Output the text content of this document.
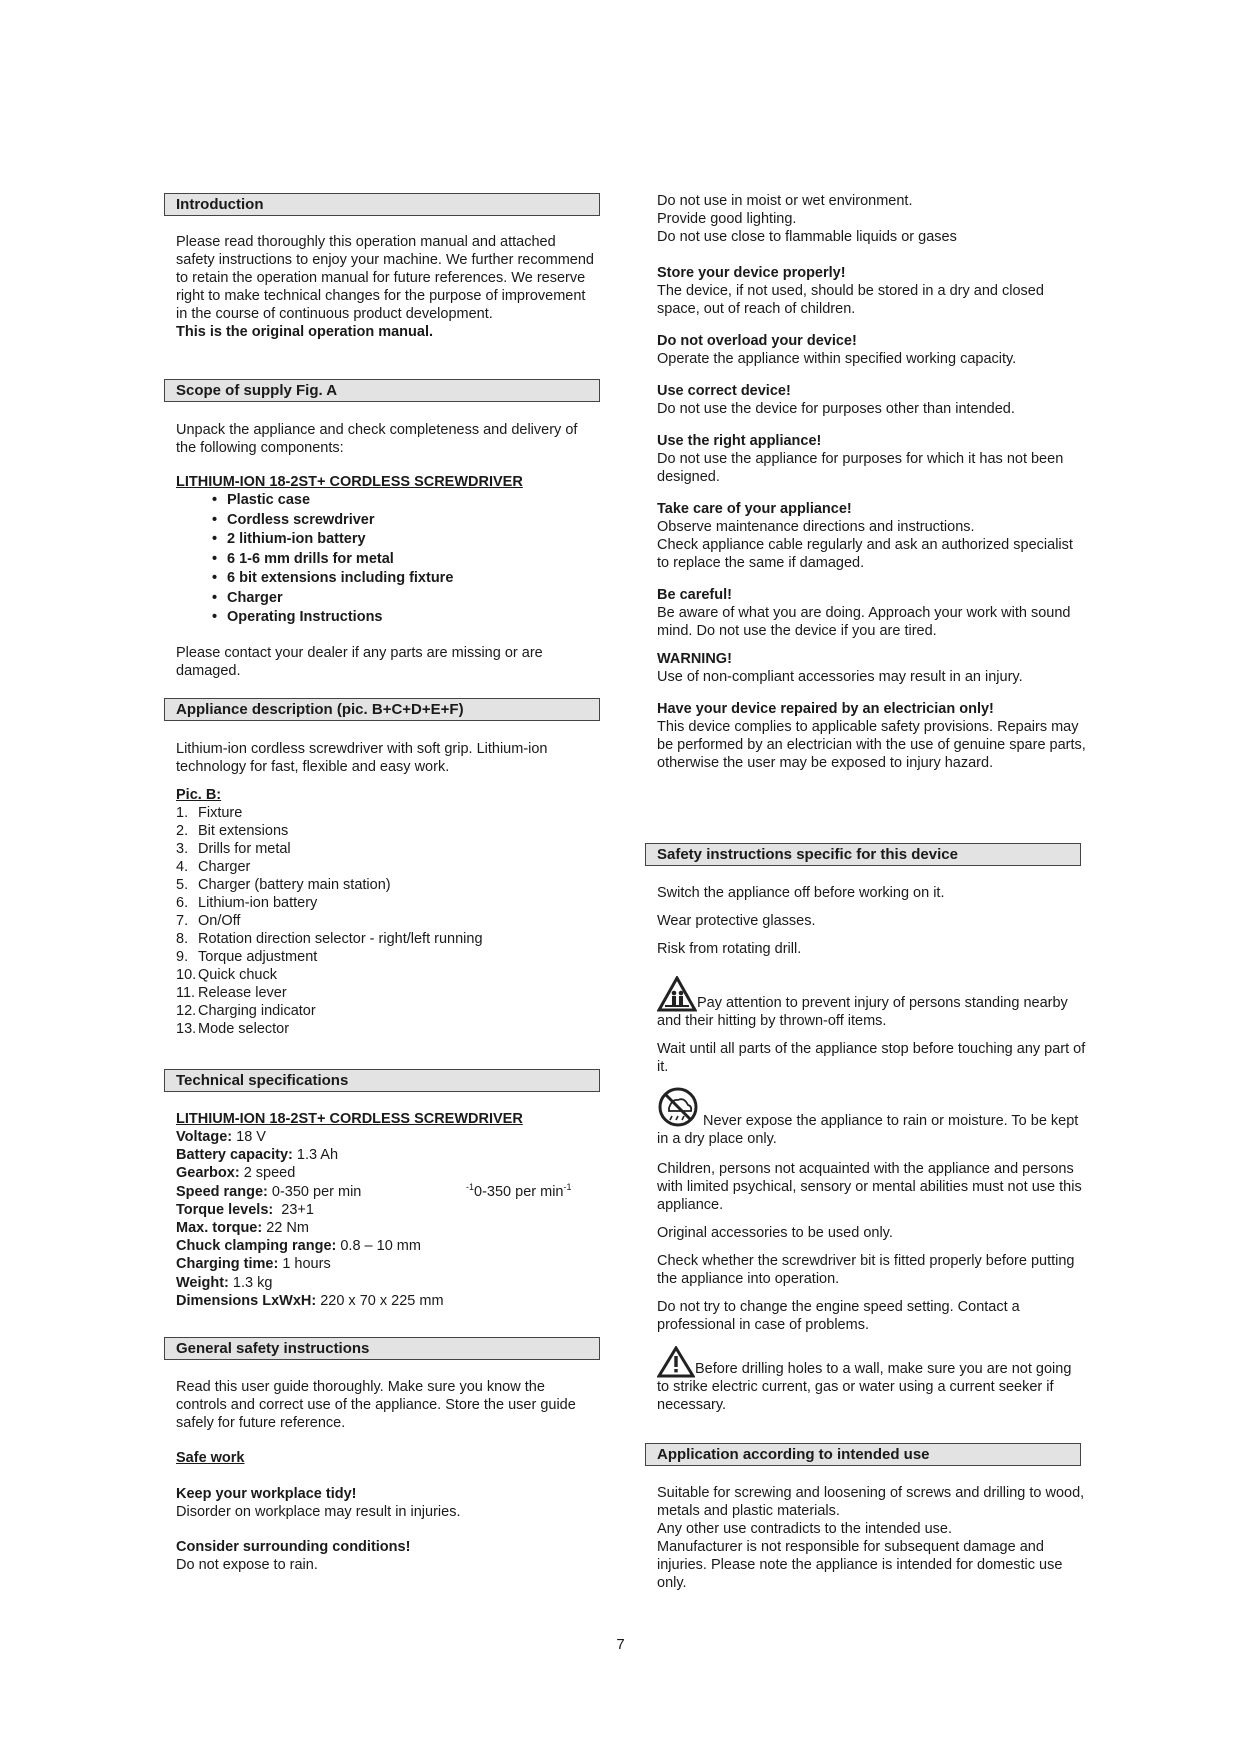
Introduction
Please read thoroughly this operation manual and attached safety instructions to enjoy your machine. We further recommend to retain the operation manual for future references. We reserve right to make technical changes for the purpose of improvement in the course of continuous product development.
This is the original operation manual.
Scope of supply Fig. A
Unpack the appliance and check completeness and delivery of the following components:
LITHIUM-ION 18-2ST+ CORDLESS SCREWDRIVER
• Plastic case
• Cordless screwdriver
• 2 lithium-ion battery
• 6 1-6 mm drills for metal
• 6 bit extensions including fixture
• Charger
• Operating Instructions
Please contact your dealer if any parts are missing or are damaged.
Appliance description (pic. B+C+D+E+F)
Lithium-ion cordless screwdriver with soft grip. Lithium-ion technology for fast, flexible and easy work.
Pic. B:
1. Fixture
2. Bit extensions
3. Drills for metal
4. Charger
5. Charger (battery main station)
6. Lithium-ion battery
7. On/Off
8. Rotation direction selector - right/left running
9. Torque adjustment
10. Quick chuck
11. Release lever
12. Charging indicator
13. Mode selector
Technical specifications
LITHIUM-ION 18-2ST+ CORDLESS SCREWDRIVER
Voltage: 18 V
Battery capacity: 1.3 Ah
Gearbox: 2 speed
Speed range: 0-350 per min
Torque levels:  23+1
Max. torque: 22 Nm
Chuck clamping range: 0.8 – 10 mm
Charging time: 1 hours
Weight: 1.3 kg
Dimensions LxWxH: 220 x 70 x 225 mm
$^{-1}$0-350 per $\min^{-1}$
General safety instructions
Read this user guide thoroughly. Make sure you know the controls and correct use of the appliance. Store the user guide safely for future reference.
Safe work
Keep your workplace tidy!
Disorder on workplace may result in injuries.
Consider surrounding conditions!
Do not expose to rain.
Do not use in moist or wet environment.
Provide good lighting.
Do not use close to flammable liquids or gases
Store your device properly!
The device, if not used, should be stored in a dry and closed space, out of reach of children.
Do not overload your device!
Operate the appliance within specified working capacity.
Use correct device!
Do not use the device for purposes other than intended.
Use the right appliance!
Do not use the appliance for purposes for which it has not been designed.
Take care of your appliance!
Observe maintenance directions and instructions.
Check appliance cable regularly and ask an authorized specialist to replace the same if damaged.
Be careful!
Be aware of what you are doing. Approach your work with sound mind. Do not use the device if you are tired.
WARNING!
Use of non-compliant accessories may result in an injury.
Have your device repaired by an electrician only!
This device complies to applicable safety provisions. Repairs may be performed by an electrician with the use of genuine spare parts, otherwise the user may be exposed to injury hazard.
Safety instructions specific for this device
Switch the appliance off before working on it.
Wear protective glasses.
Risk from rotating drill.
Pay attention to prevent injury of persons standing nearby and their hitting by thrown-off items.
Wait until all parts of the appliance stop before touching any part of it.
Never expose the appliance to rain or moisture. To be kept in a dry place only.
Children, persons not acquainted with the appliance and persons with limited psychical, sensory or mental abilities must not use this appliance.
Original accessories to be used only.
Check whether the screwdriver bit is fitted properly before putting the appliance into operation.
Do not try to change the engine speed setting. Contact a professional in case of problems.
Before drilling holes to a wall, make sure you are not going to strike electric current, gas or water using a current seeker if necessary.
Application according to intended use
Suitable for screwing and loosening of screws and drilling to wood, metals and plastic materials.
Any other use contradicts to the intended use.
Manufacturer is not responsible for subsequent damage and injuries. Please note the appliance is intended for domestic use only.
7
